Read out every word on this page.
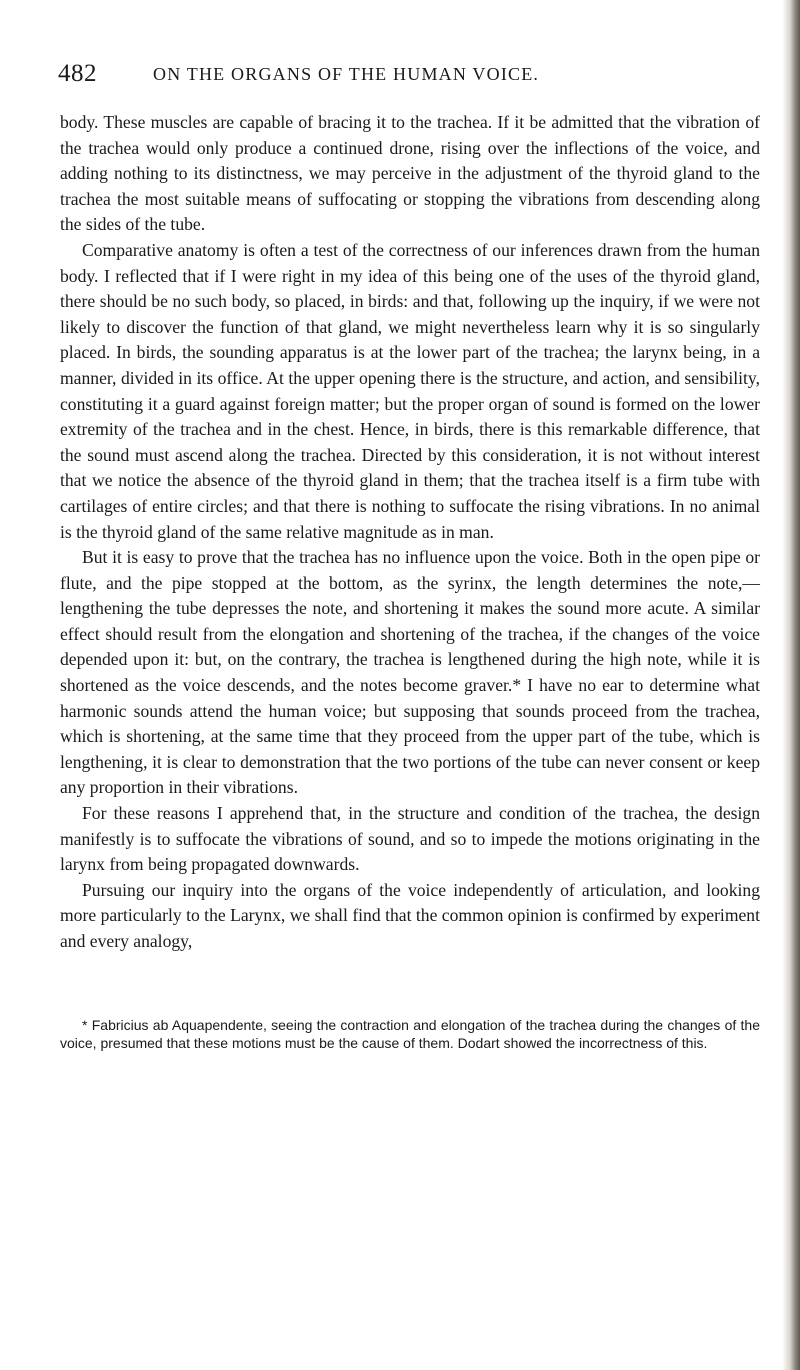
482	ON THE ORGANS OF THE HUMAN VOICE.

body. These muscles are capable of bracing it to the trachea. If it be admitted that the vibration of the trachea would only produce a continued drone, rising over the inflections of the voice, and adding nothing to its distinctness, we may perceive in the adjustment of the thyroid gland to the trachea the most suitable means of suffocating or stopping the vibrations from descending along the sides of the tube.

Comparative anatomy is often a test of the correctness of our inferences drawn from the human body. I reflected that if I were right in my idea of this being one of the uses of the thyroid gland, there should be no such body, so placed, in birds: and that, following up the inquiry, if we were not likely to discover the function of that gland, we might nevertheless learn why it is so singularly placed. In birds, the sounding apparatus is at the lower part of the trachea; the larynx being, in a manner, divided in its office. At the upper opening there is the structure, and action, and sensibility, constituting it a guard against foreign matter; but the proper organ of sound is formed on the lower extremity of the trachea and in the chest. Hence, in birds, there is this remarkable difference, that the sound must ascend along the trachea. Directed by this consideration, it is not without interest that we notice the absence of the thyroid gland in them; that the trachea itself is a firm tube with cartilages of entire circles; and that there is nothing to suffocate the rising vibrations. In no animal is the thyroid gland of the same relative magnitude as in man.

But it is easy to prove that the trachea has no influence upon the voice. Both in the open pipe or flute, and the pipe stopped at the bottom, as the syrinx, the length determines the note,—lengthening the tube depresses the note, and shortening it makes the sound more acute. A similar effect should result from the elongation and shortening of the trachea, if the changes of the voice depended upon it: but, on the contrary, the trachea is lengthened during the high note, while it is shortened as the voice descends, and the notes become graver.* I have no ear to determine what harmonic sounds attend the human voice; but supposing that sounds proceed from the trachea, which is shortening, at the same time that they proceed from the upper part of the tube, which is lengthening, it is clear to demonstration that the two portions of the tube can never consent or keep any proportion in their vibrations.

For these reasons I apprehend that, in the structure and condition of the trachea, the design manifestly is to suffocate the vibrations of sound, and so to impede the motions originating in the larynx from being propagated downwards.

Pursuing our inquiry into the organs of the voice independently of articulation, and looking more particularly to the Larynx, we shall find that the common opinion is confirmed by experiment and every analogy,

* Fabricius ab Aquapendente, seeing the contraction and elongation of the trachea during the changes of the voice, presumed that these motions must be the cause of them. Dodart showed the incorrectness of this.
